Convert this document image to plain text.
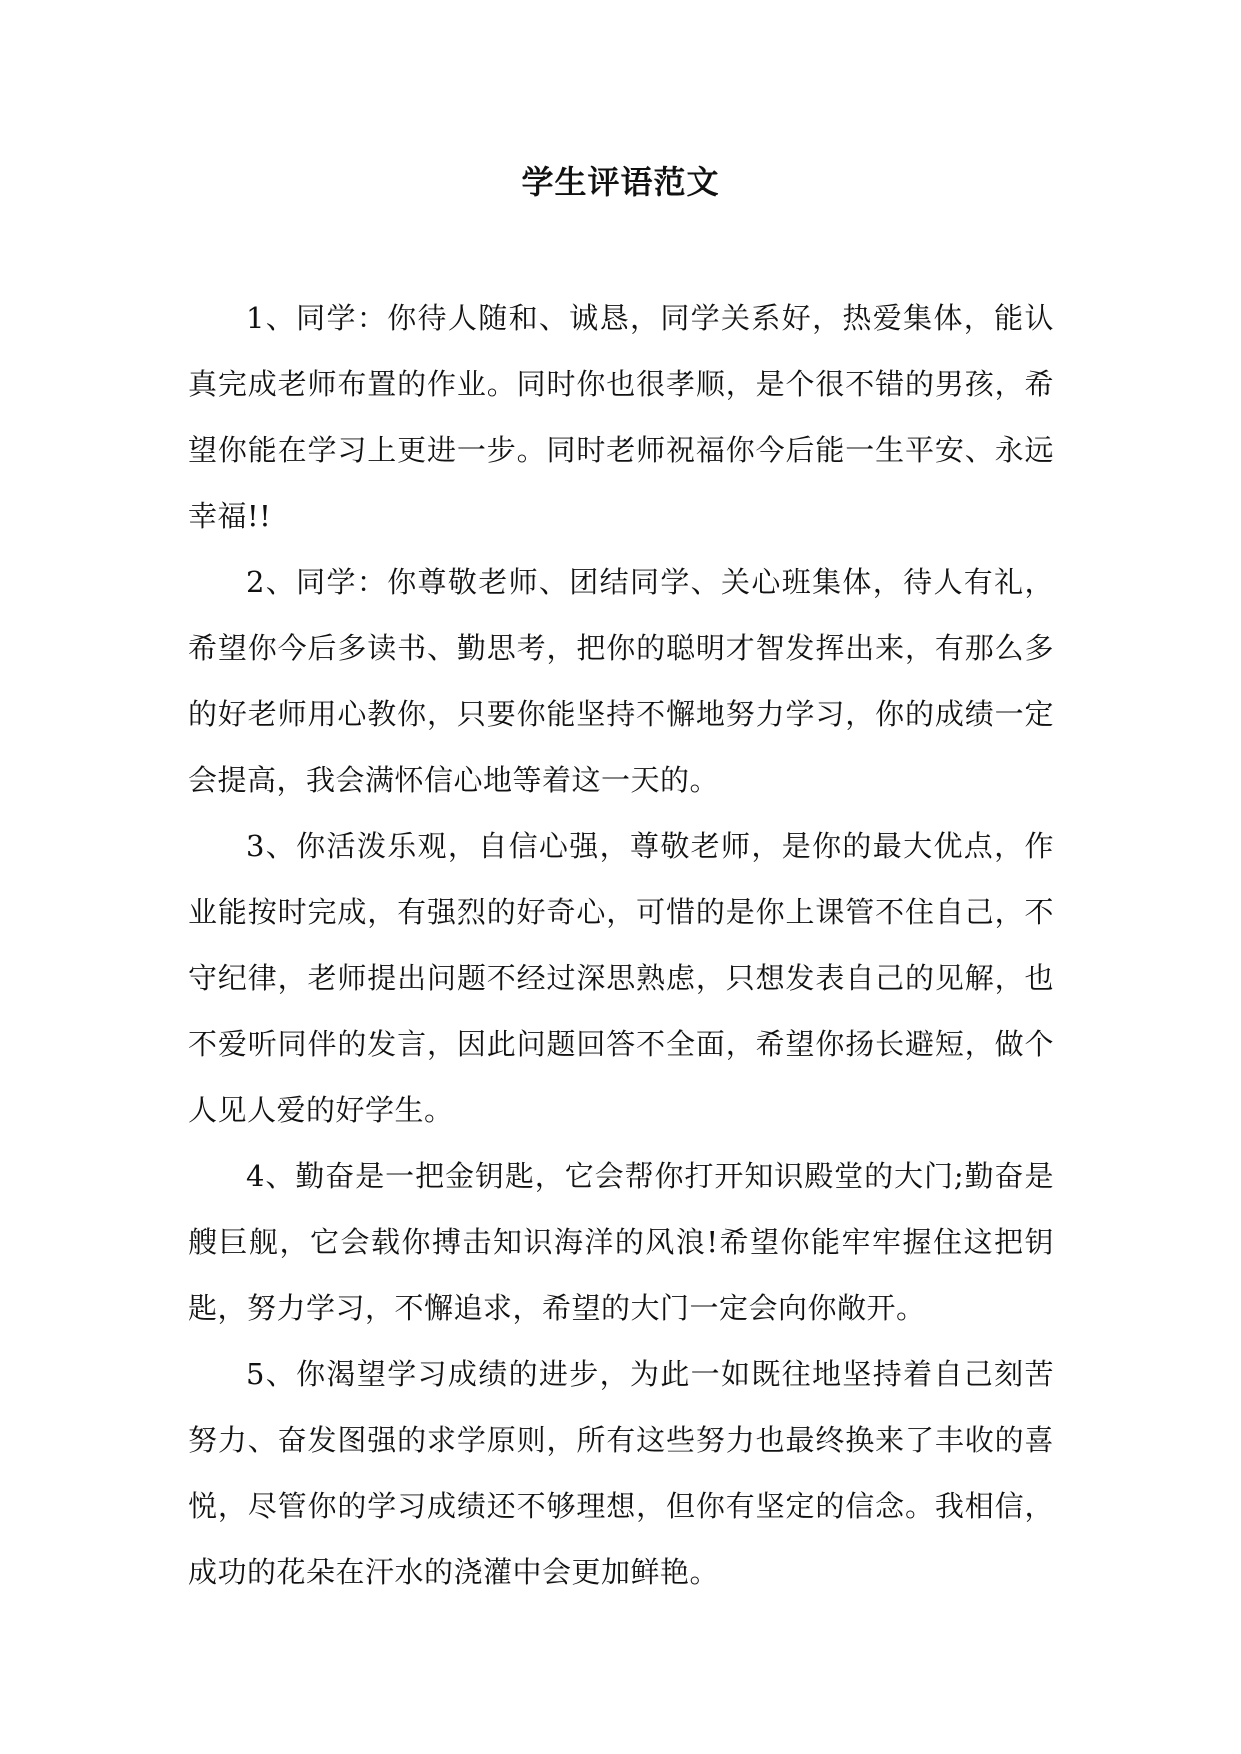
学生评语范文

1、同学：你待人随和、诚恳，同学关系好，热爱集体，能认真完成老师布置的作业。同时你也很孝顺，是个很不错的男孩，希望你能在学习上更进一步。同时老师祝福你今后能一生平安、永远幸福!!

2、同学：你尊敬老师、团结同学、关心班集体，待人有礼，希望你今后多读书、勤思考，把你的聪明才智发挥出来，有那么多的好老师用心教你，只要你能坚持不懈地努力学习，你的成绩一定会提高，我会满怀信心地等着这一天的。

3、你活泼乐观，自信心强，尊敬老师，是你的最大优点，作业能按时完成，有强烈的好奇心，可惜的是你上课管不住自己，不守纪律，老师提出问题不经过深思熟虑，只想发表自己的见解，也不爱听同伴的发言，因此问题回答不全面，希望你扬长避短，做个人见人爱的好学生。

4、勤奋是一把金钥匙，它会帮你打开知识殿堂的大门;勤奋是艘巨舰，它会载你搏击知识海洋的风浪!希望你能牢牢握住这把钥匙，努力学习，不懈追求，希望的大门一定会向你敞开。

5、你渴望学习成绩的进步，为此一如既往地坚持着自己刻苦努力、奋发图强的求学原则，所有这些努力也最终换来了丰收的喜悦，尽管你的学习成绩还不够理想，但你有坚定的信念。我相信，成功的花朵在汗水的浇灌中会更加鲜艳。
